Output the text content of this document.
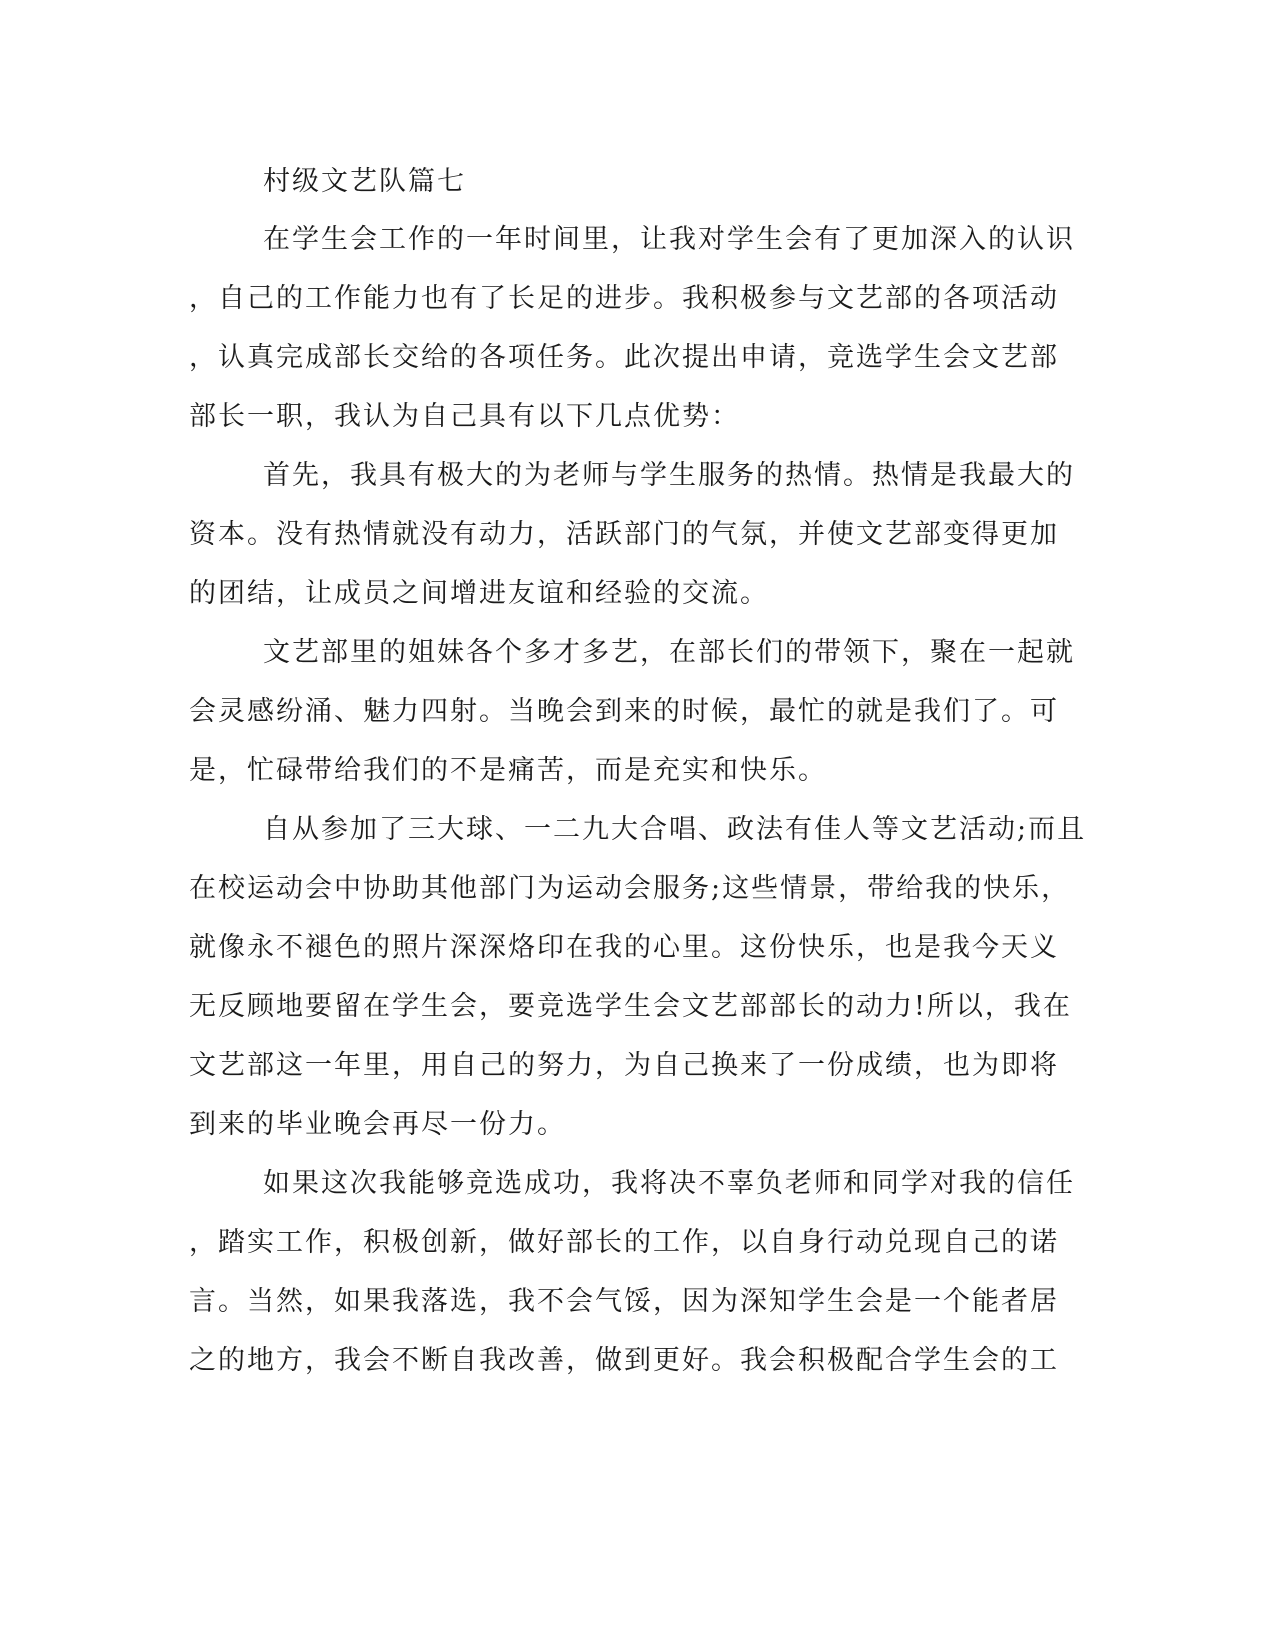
村级文艺队篇七
在学生会工作的一年时间里，让我对学生会有了更加深入的认识
，自己的工作能力也有了长足的进步。我积极参与文艺部的各项活动
，认真完成部长交给的各项任务。此次提出申请，竞选学生会文艺部
部长一职，我认为自己具有以下几点优势：
首先，我具有极大的为老师与学生服务的热情。热情是我最大的
资本。没有热情就没有动力，活跃部门的气氛，并使文艺部变得更加
的团结，让成员之间增进友谊和经验的交流。
文艺部里的姐妹各个多才多艺，在部长们的带领下，聚在一起就
会灵感纷涌、魅力四射。当晚会到来的时候，最忙的就是我们了。可
是，忙碌带给我们的不是痛苦，而是充实和快乐。
自从参加了三大球、一二九大合唱、政法有佳人等文艺活动;而且
在校运动会中协助其他部门为运动会服务;这些情景，带给我的快乐，
就像永不褪色的照片深深烙印在我的心里。这份快乐，也是我今天义
无反顾地要留在学生会，要竞选学生会文艺部部长的动力!所以，我在
文艺部这一年里，用自己的努力，为自己换来了一份成绩，也为即将
到来的毕业晚会再尽一份力。
如果这次我能够竞选成功，我将决不辜负老师和同学对我的信任
，踏实工作，积极创新，做好部长的工作，以自身行动兑现自己的诺
言。当然，如果我落选，我不会气馁，因为深知学生会是一个能者居
之的地方，我会不断自我改善，做到更好。我会积极配合学生会的工
